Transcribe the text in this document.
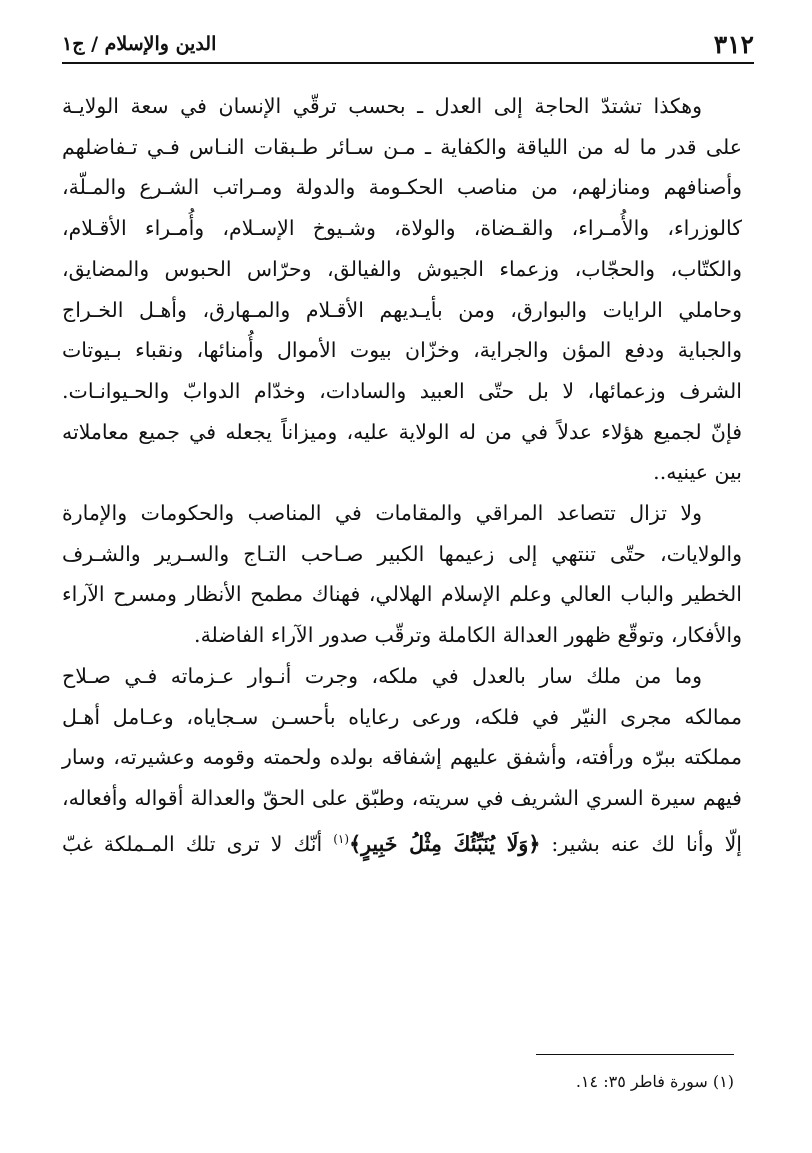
٣١٢
الدين والإسلام / ج١

وهكذا تشتدّ الحاجة إلى العدل ـ بحسب ترقّي الإنسان في سعة الولايـة

على قدر ما له من اللياقة والكفاية ـ مـن سـائر طـبقات النـاس فـي تـفاضلهم

وأصنافهم ومنازلهم، من مناصب الحكـومة والدولة ومـراتب الشـرع والمـلّة،

كالوزراء، والأُمـراء، والقـضاة، والولاة، وشـيوخ الإسـلام، وأُمـراء الأقـلام،

والكتّاب، والحجّاب، وزعماء الجيوش والفيالق، وحرّاس الحبوس والمضايق،

وحاملي الرايات والبوارق، ومن بأيـديهم الأقـلام والمـهارق، وأهـل الخـراج

والجباية ودفع المؤن والجراية، وخزّان بيوت الأموال وأُمنائها، ونقباء بـيوتات

الشرف وزعمائها، لا بل حتّى العبيد والسادات، وخدّام الدوابّ والحـيوانـات.

فإنّ لجميع هؤلاء عدلاً في من له الولاية عليه، وميزاناً يجعله في جميع معاملاته

بين عينيه..

ولا تزال تتصاعد المراقي والمقامات في المناصب والحكومات والإمارة

والولايات، حتّى تنتهي إلى زعيمها الكبير صـاحب التـاج والسـرير والشـرف

الخطير والباب العالي وعلم الإسلام الهلالي، فهناك مطمح الأنظار ومسرح الآراء

والأفكار، وتوقّع ظهور العدالة الكاملة وترقّب صدور الآراء الفاضلة.

وما من ملك سار بالعدل في ملكه، وجرت أنـوار عـزماته فـي صـلاح

ممالكه مجرى النيّر في فلكه، ورعى رعاياه بأحسـن سـجاياه، وعـامل أهـل

مملكته ببرّه ورأفته، وأشفق عليهم إشفاقه بولده ولحمته وقومه وعشيرته، وسار

فيهم سيرة السري الشريف في سريته، وطبّق على الحقّ والعدالة أقواله وأفعاله،

إلّا وأنا لك عنه بشير: ﴿وَلَا يُنَبِّئُكَ مِثْلُ خَبِيرٍ﴾$^{(١)}$ أنّك لا ترى تلك المـملكة غبّ

(١) سورة فاطر ٣٥: ١٤.
